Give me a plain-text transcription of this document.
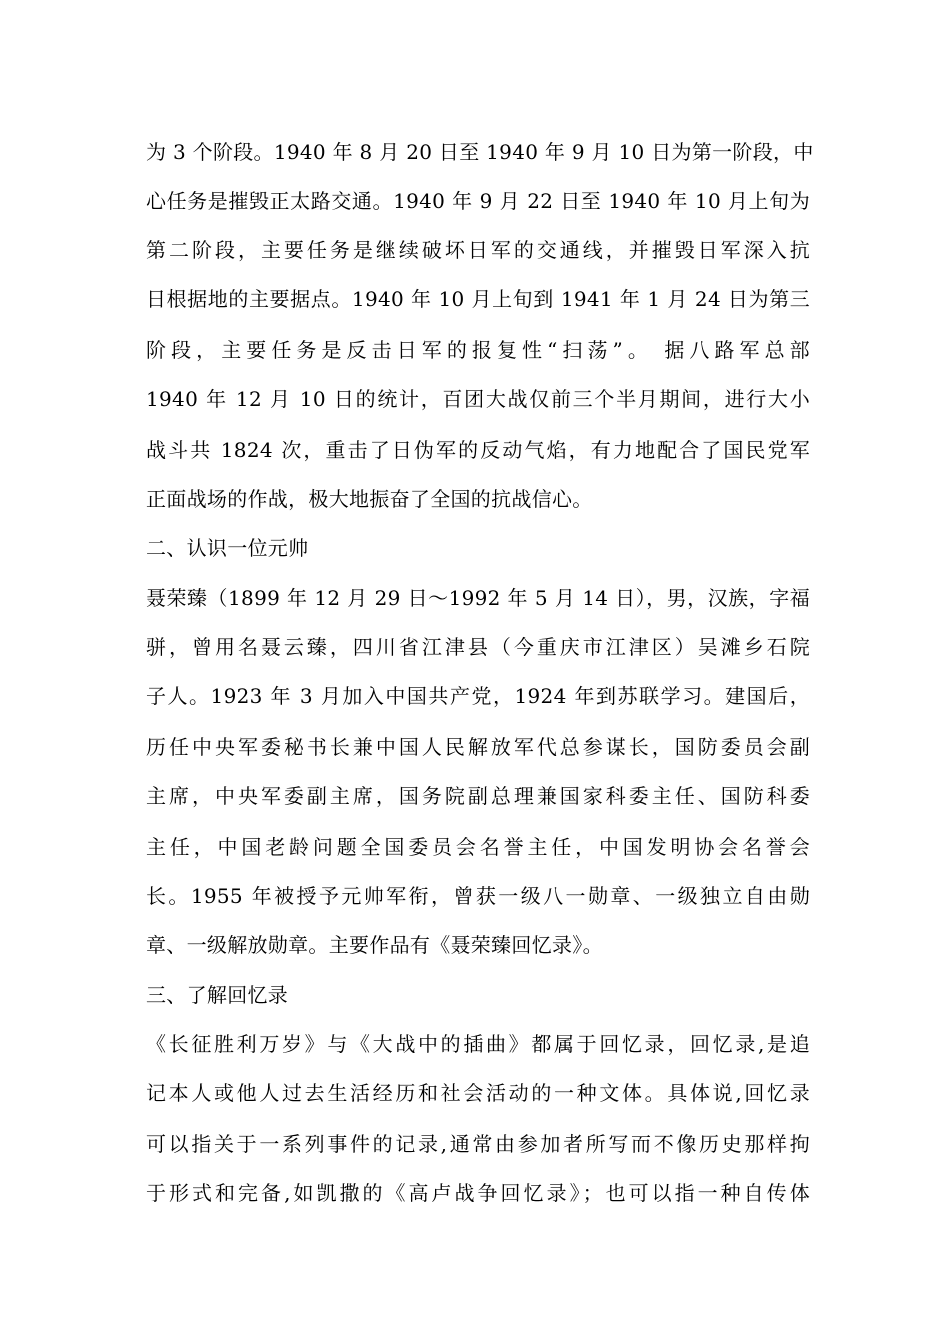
为 3 个阶段。1940 年 8 月 20 日至 1940 年 9 月 10 日为第一阶段，中
心任务是摧毁正太路交通。1940 年 9 月 22 日至 1940 年 10 月上旬为
第二阶段，主要任务是继续破坏日军的交通线，并摧毁日军深入抗
日根据地的主要据点。1940 年 10 月上旬到 1941 年 1 月 24 日为第三
阶段，主要任务是反击日军的报复性“扫荡”。 据八路军总部
1940 年 12 月 10 日的统计，百团大战仅前三个半月期间，进行大小
战斗共 1824 次，重击了日伪军的反动气焰，有力地配合了国民党军
正面战场的作战，极大地振奋了全国的抗战信心。
二、认识一位元帅
聂荣臻（1899 年 12 月 29 日～1992 年 5 月 14 日），男，汉族，字福
骈，曾用名聂云臻，四川省江津县（今重庆市江津区）吴滩乡石院
子人。1923 年 3 月加入中国共产党，1924 年到苏联学习。建国后，
历任中央军委秘书长兼中国人民解放军代总参谋长，国防委员会副
主席，中央军委副主席，国务院副总理兼国家科委主任、国防科委
主任，中国老龄问题全国委员会名誉主任，中国发明协会名誉会
长。1955 年被授予元帅军衔，曾获一级八一勋章、一级独立自由勋
章、一级解放勋章。主要作品有《聂荣臻回忆录》。
三、了解回忆录
《长征胜利万岁》与《大战中的插曲》都属于回忆录，回忆录,是追
记本人或他人过去生活经历和社会活动的一种文体。具体说,回忆录
可以指关于一系列事件的记录,通常由参加者所写而不像历史那样拘
于形式和完备,如凯撒的《高卢战争回忆录》；也可以指一种自传体
